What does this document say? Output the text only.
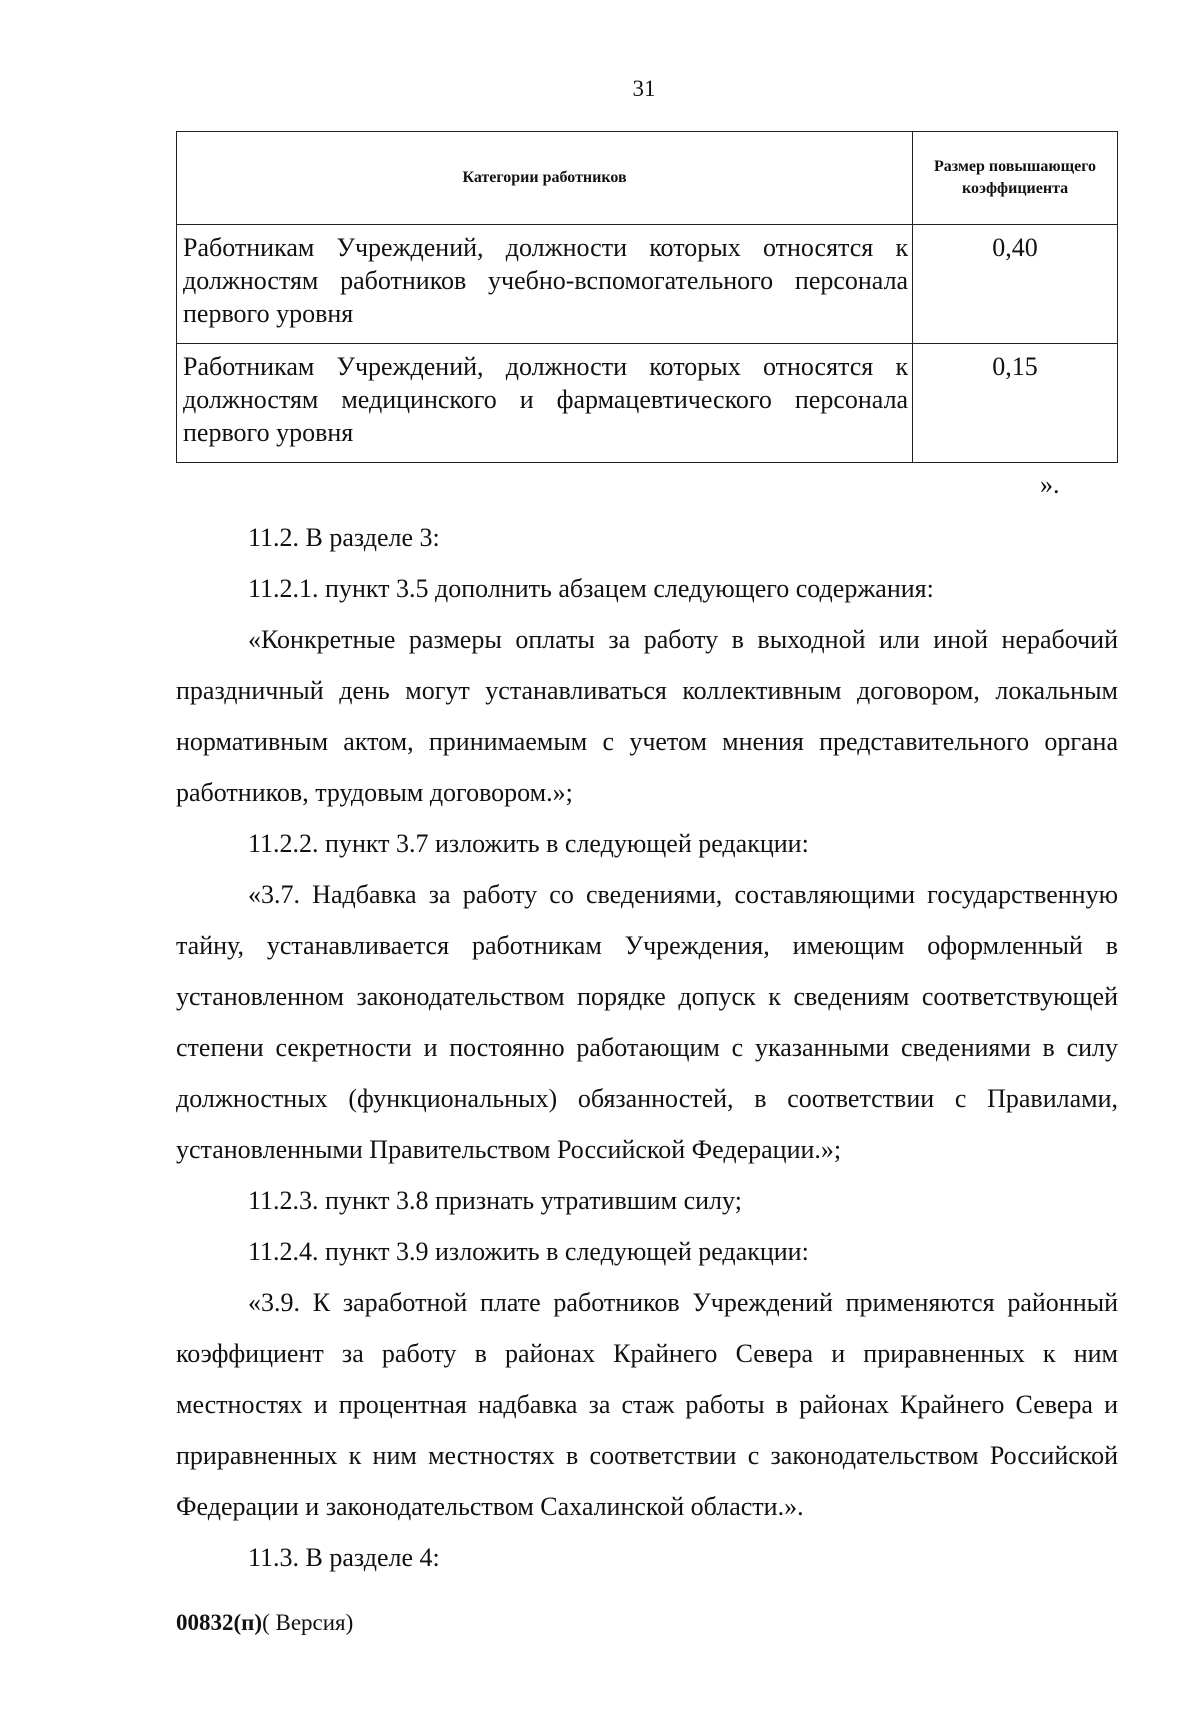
31
Категории работников	Размер повышающего коэффициента
Работникам Учреждений, должности которых относятся к должностям работников учебно-вспомогательного персонала первого уровня	0,40
Работникам Учреждений, должности которых относятся к должностям медицинского и фармацевтического персонала первого уровня	0,15
».

11.2. В разделе 3:

11.2.1. пункт 3.5 дополнить абзацем следующего содержания:

«Конкретные размеры оплаты за работу в выходной или иной нерабочий праздничный день могут устанавливаться коллективным договором, локальным нормативным актом, принимаемым с учетом мнения представительного органа работников, трудовым договором.»;

11.2.2. пункт 3.7 изложить в следующей редакции:

«3.7. Надбавка за работу со сведениями, составляющими государственную тайну, устанавливается работникам Учреждения, имеющим оформленный в установленном законодательством порядке допуск к сведениям соответствующей степени секретности и постоянно работающим с указанными сведениями в силу должностных (функциональных) обязанностей, в соответствии с Правилами, установленными Правительством Российской Федерации.»;

11.2.3. пункт 3.8 признать утратившим силу;

11.2.4. пункт 3.9 изложить в следующей редакции:

«3.9. К заработной плате работников Учреждений применяются районный коэффициент за работу в районах Крайнего Севера и приравненных к ним местностях и процентная надбавка за стаж работы в районах Крайнего Севера и приравненных к ним местностях в соответствии с законодательством Российской Федерации и законодательством Сахалинской области.».

11.3. В разделе 4:

00832(п)( Версия)
